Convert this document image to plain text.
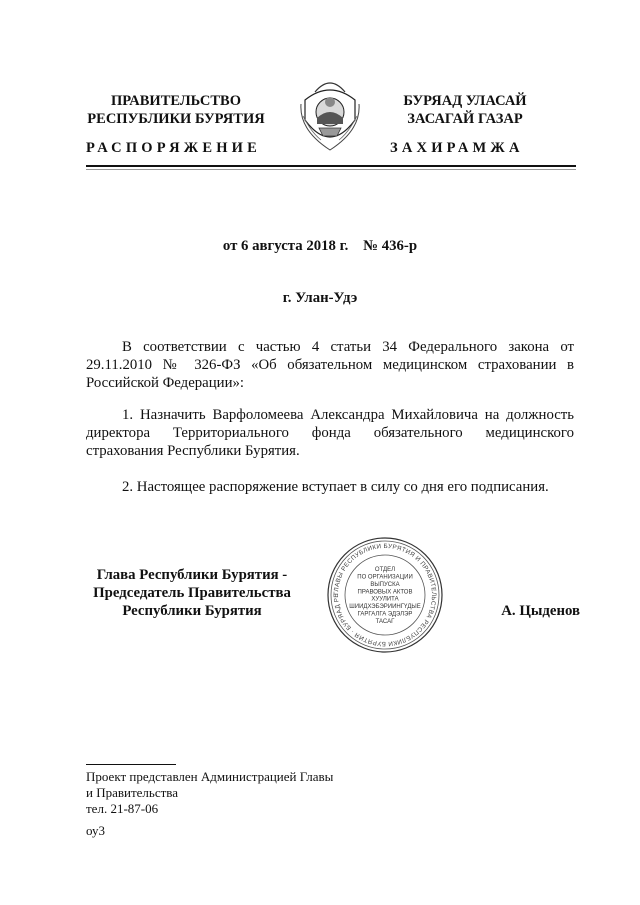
ПРАВИТЕЛЬСТВО
РЕСПУБЛИКИ БУРЯТИЯ
БУРЯАД УЛАСАЙ
ЗАСАГАЙ ГАЗАР
РАСПОРЯЖЕНИЕ	ЗАХИРАМЖА
от 6 августа 2018 г.    № 436-р
г. Улан-Удэ
В соответствии с частью 4 статьи 34 Федерального закона от 29.11.2010 № 326-ФЗ «Об обязательном медицинском страховании в Российской Федерации»:
1. Назначить Варфоломеева Александра Михайловича на должность директора Территориального фонда обязательного медицинского страхования Республики Бурятия.
2. Настоящее распоряжение вступает в силу со дня его подписания.
Глава Республики Бурятия -
Председатель Правительства
Республики Бурятия
ГЛАВЫ РЕСПУБЛИКИ БУРЯТИЯ И ПРАВИТЕЛЬСТВА РЕСПУБЛИКИ БУРЯТИЯ · БУРЯАД РЕ
ОТДЕЛ
ПО ОРГАНИЗАЦИИ
ВЫПУСКА
ПРАВОВЫХ АКТОВ
ХУУЛИТА
ШИИДХЭБЭРИИНГҮДЫЕ
ГАРГАЛГА ЭДЭЛЭР
ТАСАГ
А. Цыденов
Проект представлен Администрацией Главы
и Правительства
тел. 21-87-06
оу3
